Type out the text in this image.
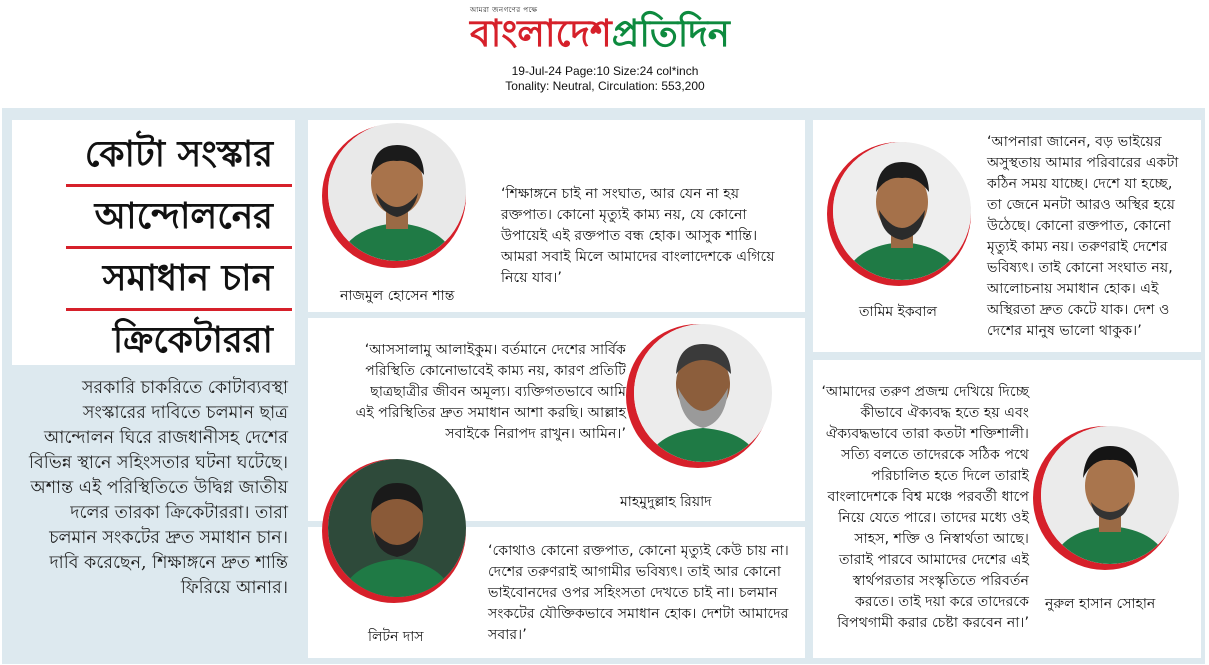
আমরা জনগণের পক্ষে
বাংলাদেশ প্রতিদিন
19-Jul-24 Page:10 Size:24 col*inch
Tonality: Neutral, Circulation: 553,200
কোটা সংস্কার
আন্দোলনের
সমাধান চান
ক্রিকেটাররা
সরকারি চাকরিতে কোটাব্যবস্থা সংস্কারের দাবিতে চলমান ছাত্র আন্দোলন ঘিরে রাজধানীসহ দেশের বিভিন্ন স্থানে সহিংসতার ঘটনা ঘটেছে। অশান্ত এই পরিস্থিতিতে উদ্বিগ্ন জাতীয় দলের তারকা ক্রিকেটাররা। তারা চলমান সংকটের দ্রুত সমাধান চান। দাবি করেছেন, শিক্ষাঙ্গনে দ্রুত শান্তি ফিরিয়ে আনার।
নাজমুল হোসেন শান্ত
‘শিক্ষাঙ্গনে চাই না সংঘাত, আর যেন না হয় রক্তপাত। কোনো মৃত্যুই কাম্য নয়, যে কোনো উপায়েই এই রক্তপাত বন্ধ হোক। আসুক শান্তি। আমরা সবাই মিলে আমাদের বাংলাদেশকে এগিয়ে নিয়ে যাব।’
মাহমুদুল্লাহ রিয়াদ
‘আসসালামু আলাইকুম। বর্তমানে দেশের সার্বিক পরিস্থিতি কোনোভাবেই কাম্য নয়, কারণ প্রতিটি ছাত্রছাত্রীর জীবন অমূল্য। ব্যক্তিগতভাবে আমি এই পরিস্থিতির দ্রুত সমাধান আশা করছি। আল্লাহ সবাইকে নিরাপদ রাখুন। আমিন।’
লিটন দাস
‘কোথাও কোনো রক্তপাত, কোনো মৃত্যুই কেউ চায় না। দেশের তরুণরাই আগামীর ভবিষ্যৎ। তাই আর কোনো ভাইবোনদের ওপর সহিংসতা দেখতে চাই না। চলমান সংকটের যৌক্তিকভাবে সমাধান হোক। দেশটা আমাদের সবার।’
তামিম ইকবাল
‘আপনারা জানেন, বড় ভাইয়ের অসুস্থতায় আমার পরিবারের একটা কঠিন সময় যাচ্ছে। দেশে যা হচ্ছে, তা জেনে মনটা আরও অস্থির হয়ে উঠেছে। কোনো রক্তপাত, কোনো মৃত্যুই কাম্য নয়। তরুণরাই দেশের ভবিষ্যৎ। তাই কোনো সংঘাত নয়, আলোচনায় সমাধান হোক। এই অস্থিরতা দ্রুত কেটে যাক। দেশ ও দেশের মানুষ ভালো থাকুক।’
নুরুল হাসান সোহান
‘আমাদের তরুণ প্রজন্ম দেখিয়ে দিচ্ছে কীভাবে ঐক্যবদ্ধ হতে হয় এবং ঐক্যবদ্ধভাবে তারা কতটা শক্তিশালী। সত্যি বলতে তাদেরকে সঠিক পথে পরিচালিত হতে দিলে তারাই বাংলাদেশকে বিশ্ব মঞ্চে পরবর্তী ধাপে নিয়ে যেতে পারে। তাদের মধ্যে ওই সাহস, শক্তি ও নিস্বার্থতা আছে। তারাই পারবে আমাদের দেশের এই স্বার্থপরতার সংস্কৃতিতে পরিবর্তন করতে। তাই দয়া করে তাদেরকে বিপথগামী করার চেষ্টা করবেন না।’
